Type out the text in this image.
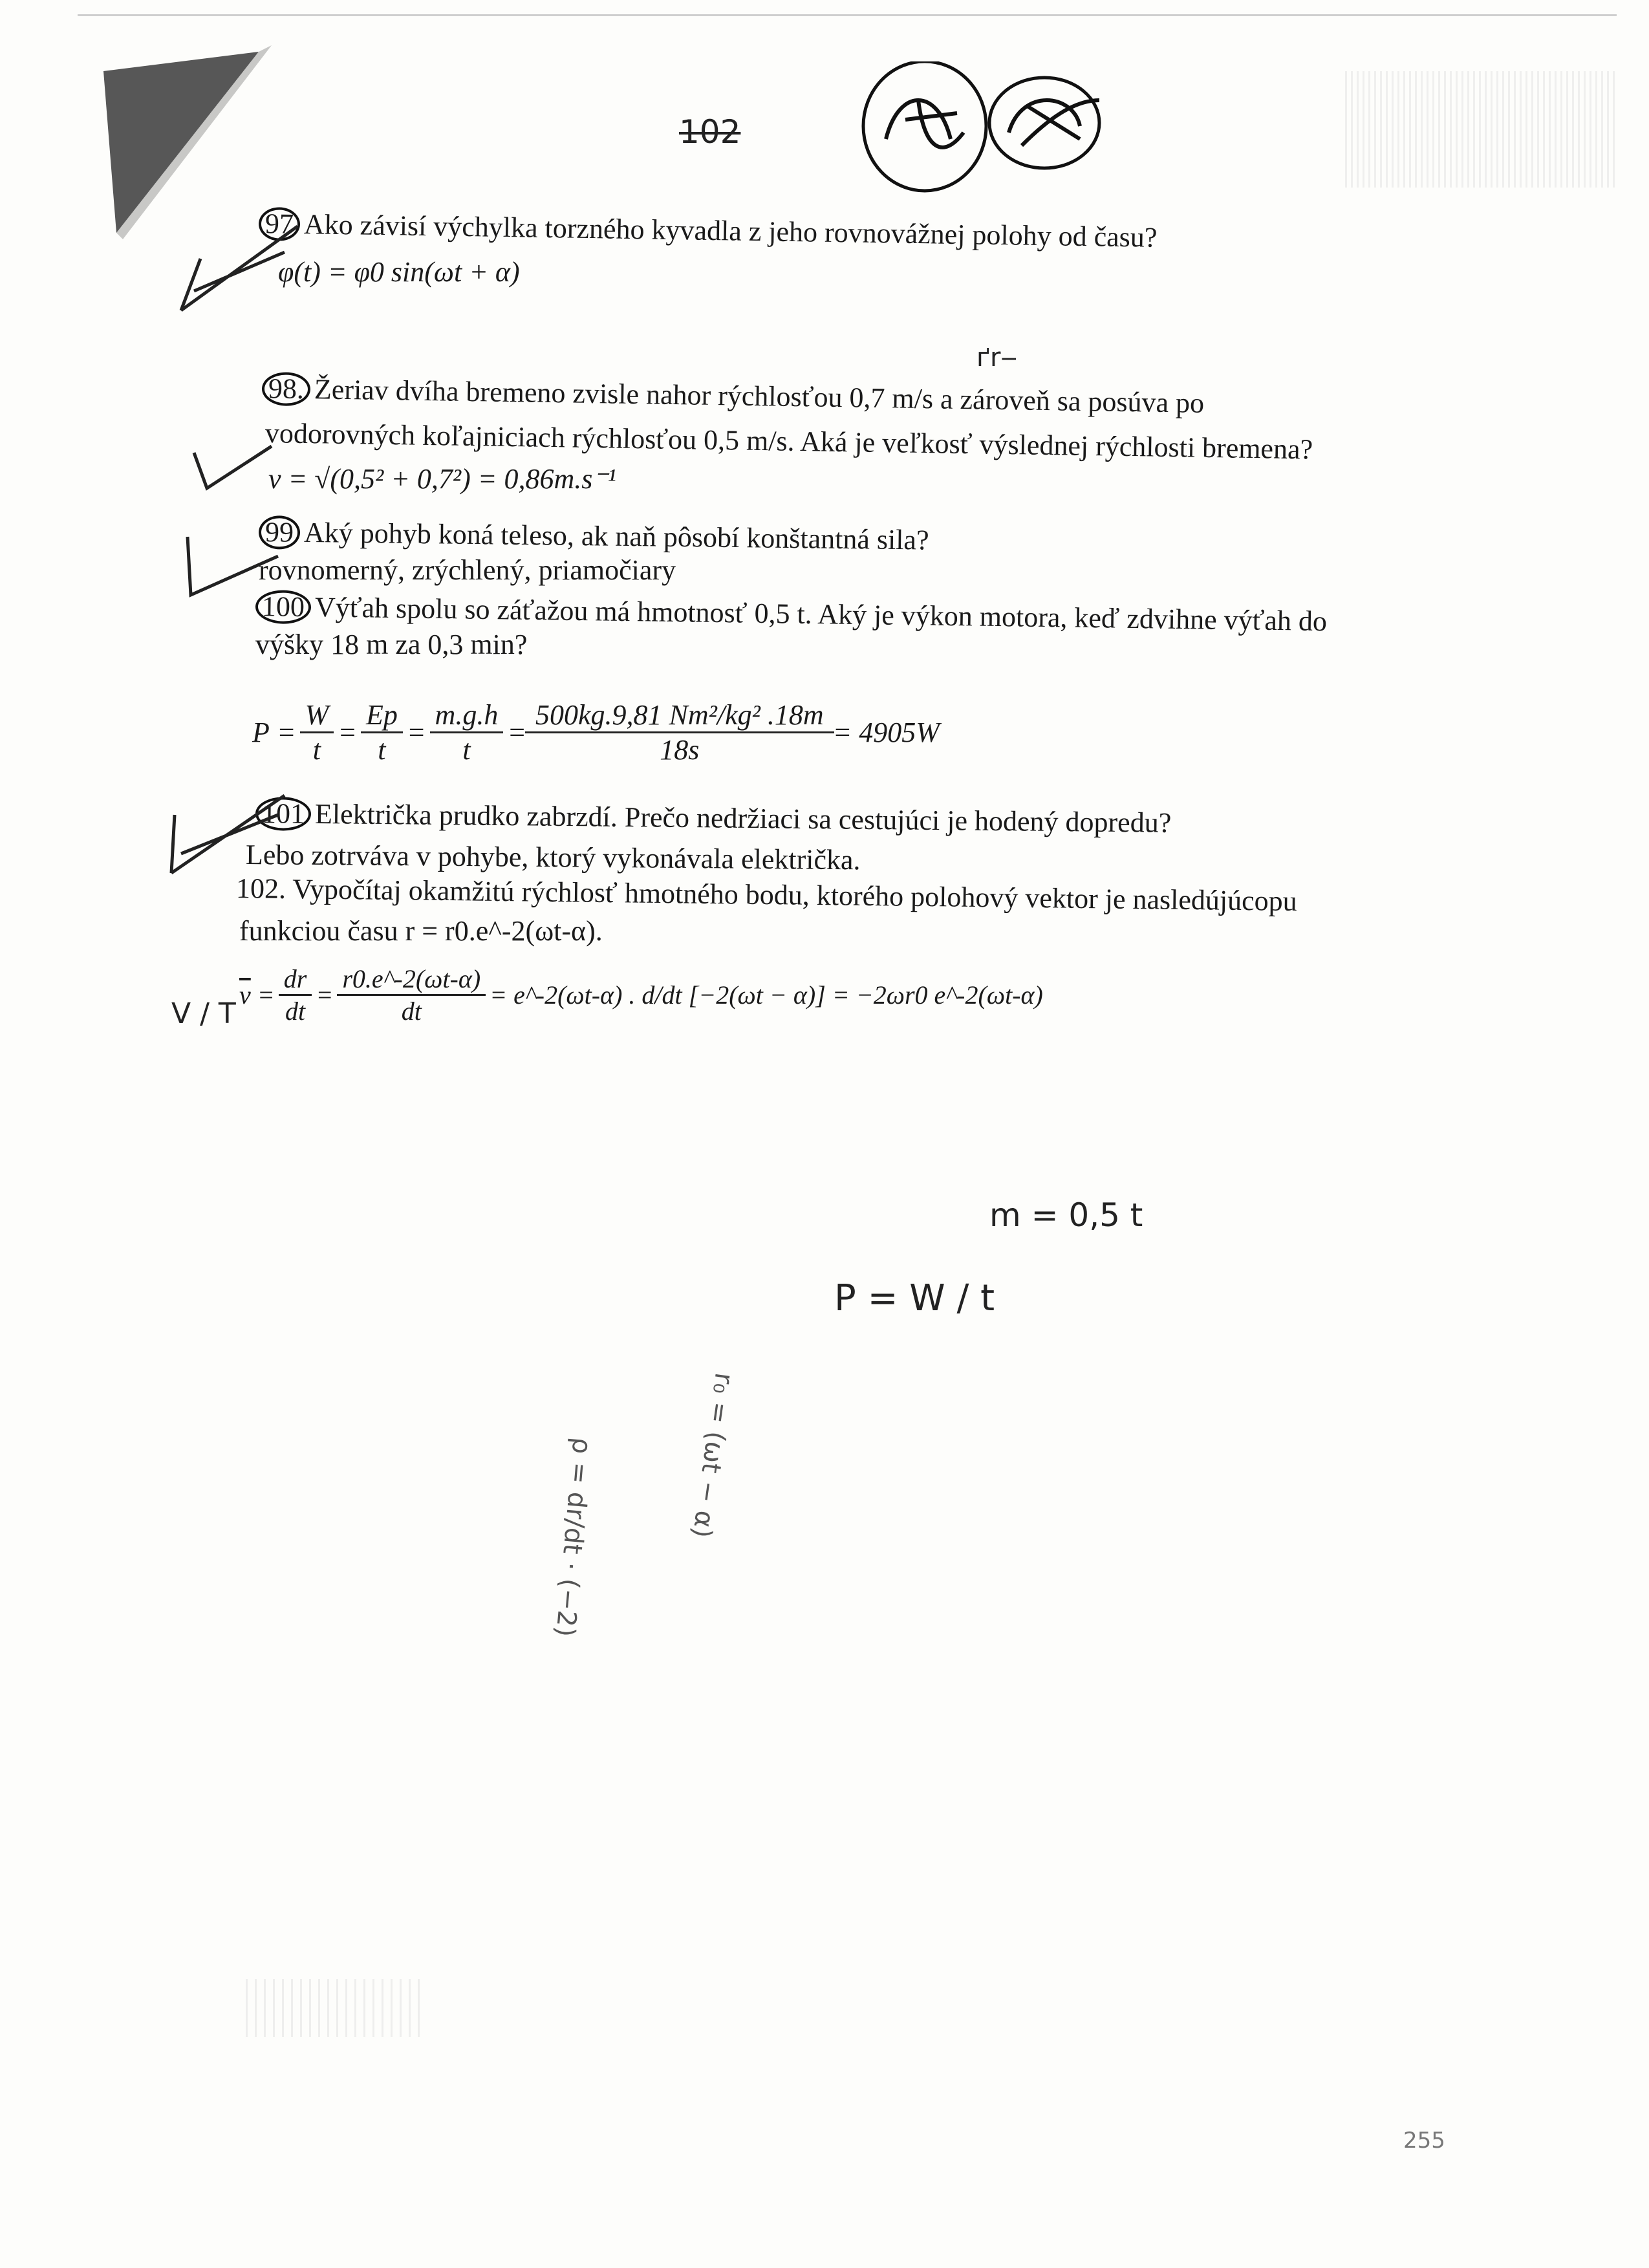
102
97 Ako závisí výchylka torzného kyvadla z jeho rovnovážnej polohy od času?
φ(t) = φ0 sin(ωt + α)
ґr‒
98. Žeriav dvíha bremeno zvisle nahor rýchlosťou 0,7 m/s a zároveň sa posúva po
vodorovných koľajniciach rýchlosťou 0,5 m/s. Aká je veľkosť výslednej rýchlosti bremena?
v = √(0,5² + 0,7²) = 0,86m.s⁻¹
99 Aký pohyb koná teleso, ak naň pôsobí konštantná sila?
rovnomerný, zrýchlený, priamočiary
100 Výťah spolu so záťažou má hmotnosť 0,5 t. Aký je výkon motora, keď zdvihne výťah do
výšky 18 m za 0,3 min?
$P = \frac{W}{t} = \frac{Ep}{t} = \frac{m.g.h}{t} = \frac{\text{500kg.9,81 Nm²/kg² .18m}}{18s} = 4905W$
101 Električka prudko zabrzdí. Prečo nedržiaci sa cestujúci je hodený dopredu?
Lebo zotrváva v pohybe, ktorý vykonávala električka.
102. Vypočítaj okamžitú rýchlosť hmotného bodu, ktorého polohový vektor je nasledújúcopu
funkciou času r = r0.e^-2(ωt-α).
$\overline{v} = \frac{dr}{dt} = \frac{r0.e\^{}-2(\omega t-\alpha)}{dt}$ = e^-2(ωt-α) . d/dt [−2(ωt − α)] = −2ωr0 e^-2(ωt-α)
V / T
m = 0,5 t
P = W / t
ρ = dr/dt · (−2)	r₀ = (ωt − α)
255
